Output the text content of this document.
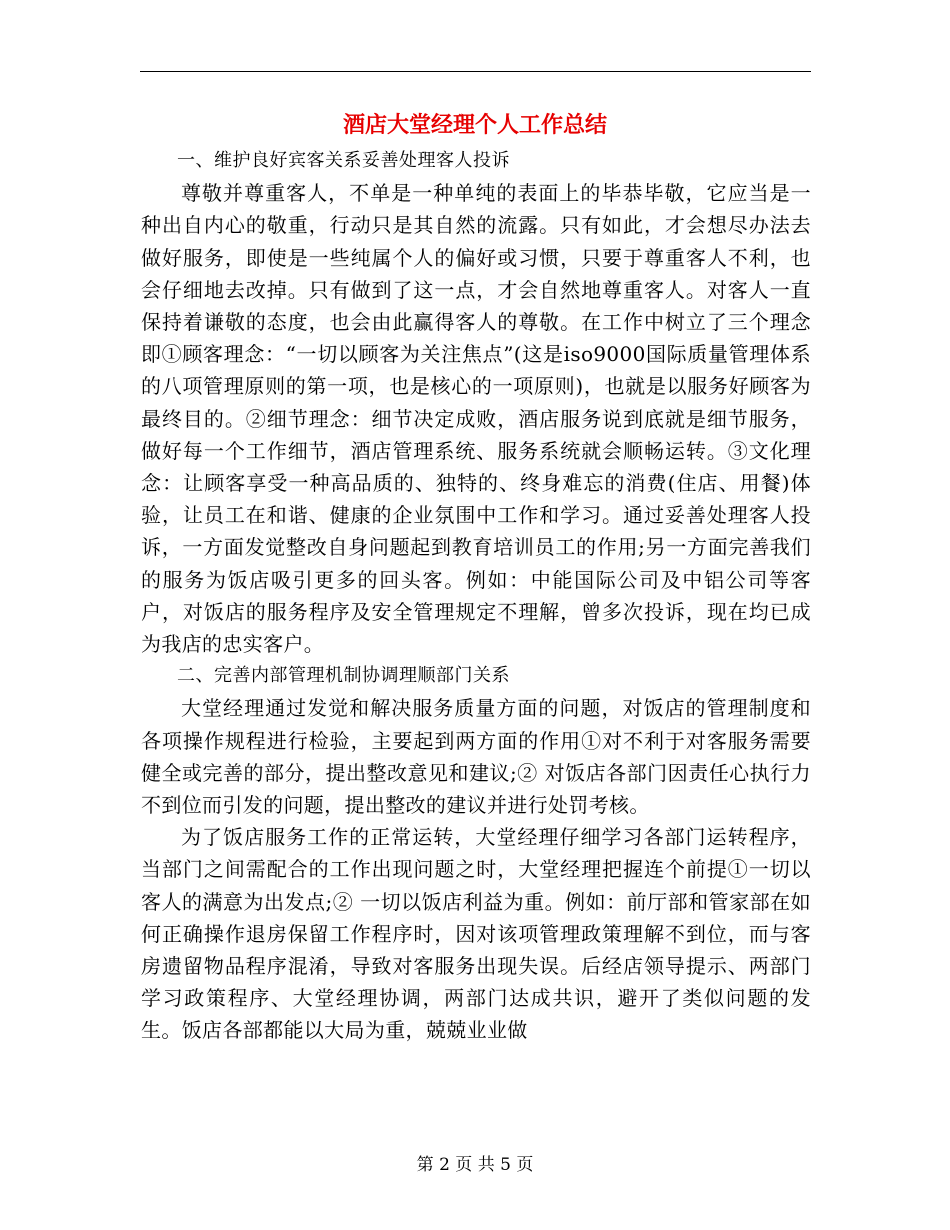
酒店大堂经理个人工作总结

一、维护良好宾客关系妥善处理客人投诉

尊敬并尊重客人，不单是一种单纯的表面上的毕恭毕敬，它应当是一种出自内心的敬重，行动只是其自然的流露。只有如此，才会想尽办法去做好服务，即使是一些纯属个人的偏好或习惯，只要于尊重客人不利，也会仔细地去改掉。只有做到了这一点，才会自然地尊重客人。对客人一直保持着谦敬的态度，也会由此赢得客人的尊敬。在工作中树立了三个理念即①顾客理念：“一切以顾客为关注焦点”(这是iso9000国际质量管理体系的八项管理原则的第一项，也是核心的一项原则)，也就是以服务好顾客为最终目的。②细节理念：细节决定成败，酒店服务说到底就是细节服务，做好每一个工作细节，酒店管理系统、服务系统就会顺畅运转。③文化理念：让顾客享受一种高品质的、独特的、终身难忘的消费(住店、用餐)体验，让员工在和谐、健康的企业氛围中工作和学习。通过妥善处理客人投诉，一方面发觉整改自身问题起到教育培训员工的作用;另一方面完善我们的服务为饭店吸引更多的回头客。例如：中能国际公司及中铝公司等客户，对饭店的服务程序及安全管理规定不理解，曾多次投诉，现在均已成为我店的忠实客户。

二、完善内部管理机制协调理顺部门关系

大堂经理通过发觉和解决服务质量方面的问题，对饭店的管理制度和各项操作规程进行检验，主要起到两方面的作用①对不利于对客服务需要健全或完善的部分，提出整改意见和建议;② 对饭店各部门因责任心执行力不到位而引发的问题，提出整改的建议并进行处罚考核。

为了饭店服务工作的正常运转，大堂经理仔细学习各部门运转程序，当部门之间需配合的工作出现问题之时，大堂经理把握连个前提①一切以客人的满意为出发点;② 一切以饭店利益为重。例如：前厅部和管家部在如何正确操作退房保留工作程序时，因对该项管理政策理解不到位，而与客房遗留物品程序混淆，导致对客服务出现失误。后经店领导提示、两部门学习政策程序、大堂经理协调，两部门达成共识，避开了类似问题的发生。饭店各部都能以大局为重，兢兢业业做

第 2 页 共 5 页
